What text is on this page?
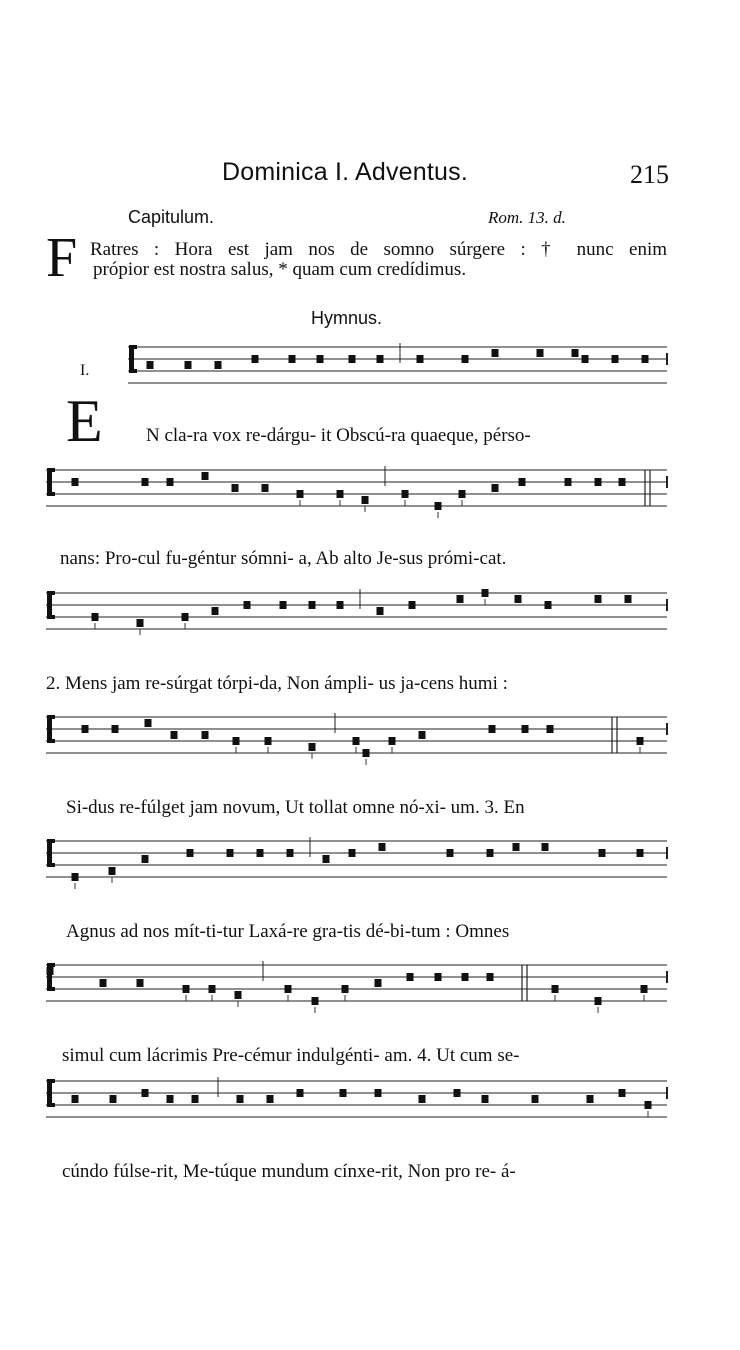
Dominica I. Adventus.	215
Capitulum.	Rom. 13. d.
F Ratres : Hora est jam nos de somno súrgere : † nunc enim
própior est nostra salus, * quam cum credídimus.
Hymnus.
I.
E N cla-ra vox re-dárgu- it Obscú-ra quaeque, pérso-
nans: Pro-cul fu-géntur sómni- a, Ab alto Je-sus prómi-cat.
2. Mens jam re-súrgat tórpi-da, Non ámpli- us ja-cens humi :
Si-dus re-fúlget jam novum, Ut tollat omne nó-xi- um. 3. En
Agnus ad nos mít-ti-tur Laxá-re gra-tis dé-bi-tum : Omnes
simul cum lácrimis Pre-cémur indulgénti- am. 4. Ut cum se-
cúndo fúlse-rit, Me-túque mundum cínxe-rit, Non pro re- á-
